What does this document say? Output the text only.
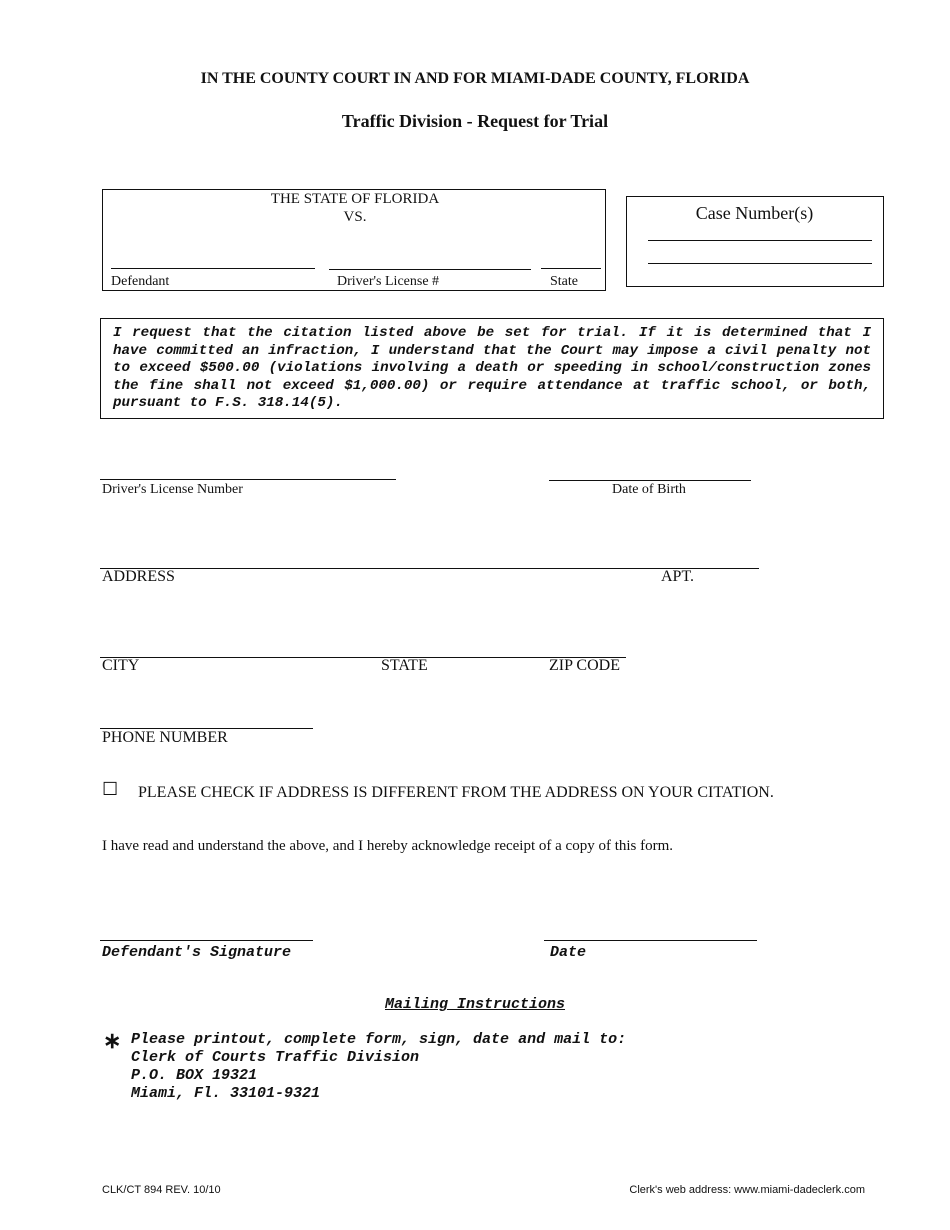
IN THE COUNTY COURT IN AND FOR MIAMI-DADE COUNTY, FLORIDA
Traffic Division - Request for Trial
THE STATE OF FLORIDA
VS.
Defendant	Driver's License #	State
Case Number(s)
I request that the citation listed above be set for trial. If it is determined that I have committed an infraction, I understand that the Court may impose a civil penalty not to exceed $500.00 (violations involving a death or speeding in school/construction zones the fine shall not exceed $1,000.00) or require attendance at traffic school, or both, pursuant to F.S. 318.14(5).
Driver's License Number	Date of Birth
ADDRESS	APT.
CITY	STATE	ZIP CODE
PHONE NUMBER
☐ PLEASE CHECK IF ADDRESS IS DIFFERENT FROM THE ADDRESS ON YOUR CITATION.
I have read and understand the above, and I hereby acknowledge receipt of a copy of this form.
Defendant's Signature	Date
Mailing Instructions
∗ Please printout, complete form, sign, date and mail to:
Clerk of Courts Traffic Division
P.O. BOX 19321
Miami, Fl. 33101-9321
CLK/CT 894 REV. 10/10	Clerk's web address: www.miami-dadeclerk.com
